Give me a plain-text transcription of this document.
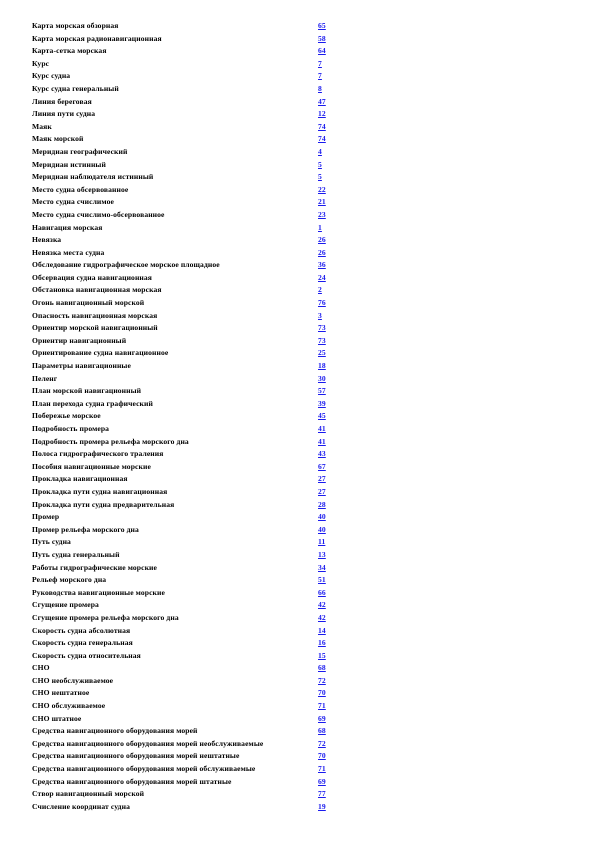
Карта морская обзорная	65
Карта морская радионавигационная	58
Карта-сетка морская	64
Курс	7
Курс судна	7
Курс судна генеральный	8
Линия береговая	47
Линия пути судна	12
Маяк	74
Маяк морской	74
Меридиан географический	4
Меридиан истинный	5
Меридиан наблюдателя истинный	5
Место судна обсервованное	22
Место судна счислимое	21
Место судна счислимо-обсервованное	23
Навигация морская	1
Невязка	26
Невязка места судна	26
Обследование гидрографическое морское площадное	36
Обсервация судна навигационная	24
Обстановка навигационная морская	2
Огонь навигационный морской	76
Опасность навигационная морская	3
Ориентир морской навигационный	73
Ориентир навигационный	73
Ориентирование судна навигационное	25
Параметры навигационные	18
Пеленг	30
План морской навигационный	57
План перехода судна графический	39
Побережье морское	45
Подробность промера	41
Подробность промера рельефа морского дна	41
Полоса гидрографического траления	43
Пособия навигационные морские	67
Прокладка навигационная	27
Прокладка пути судна навигационная	27
Прокладка пути судна предварительная	28
Промер	40
Промер рельефа морского дна	40
Путь судна	11
Путь судна генеральный	13
Работы гидрографические морские	34
Рельеф морского дна	51
Руководства навигационные морские	66
Сгущение промера	42
Сгущение промера рельефа морского дна	42
Скорость судна абсолютная	14
Скорость судна генеральная	16
Скорость судна относительная	15
СНО	68
СНО необслуживаемое	72
СНО нештатное	70
СНО обслуживаемое	71
СНО штатное	69
Средства навигационного оборудования морей	68
Средства навигационного оборудования морей необслуживаемые	72
Средства навигационного оборудования морей нештатные	70
Средства навигационного оборудования морей обслуживаемые	71
Средства навигационного оборудования морей штатные	69
Створ навигационный морской	77
Счисление координат судна	19
